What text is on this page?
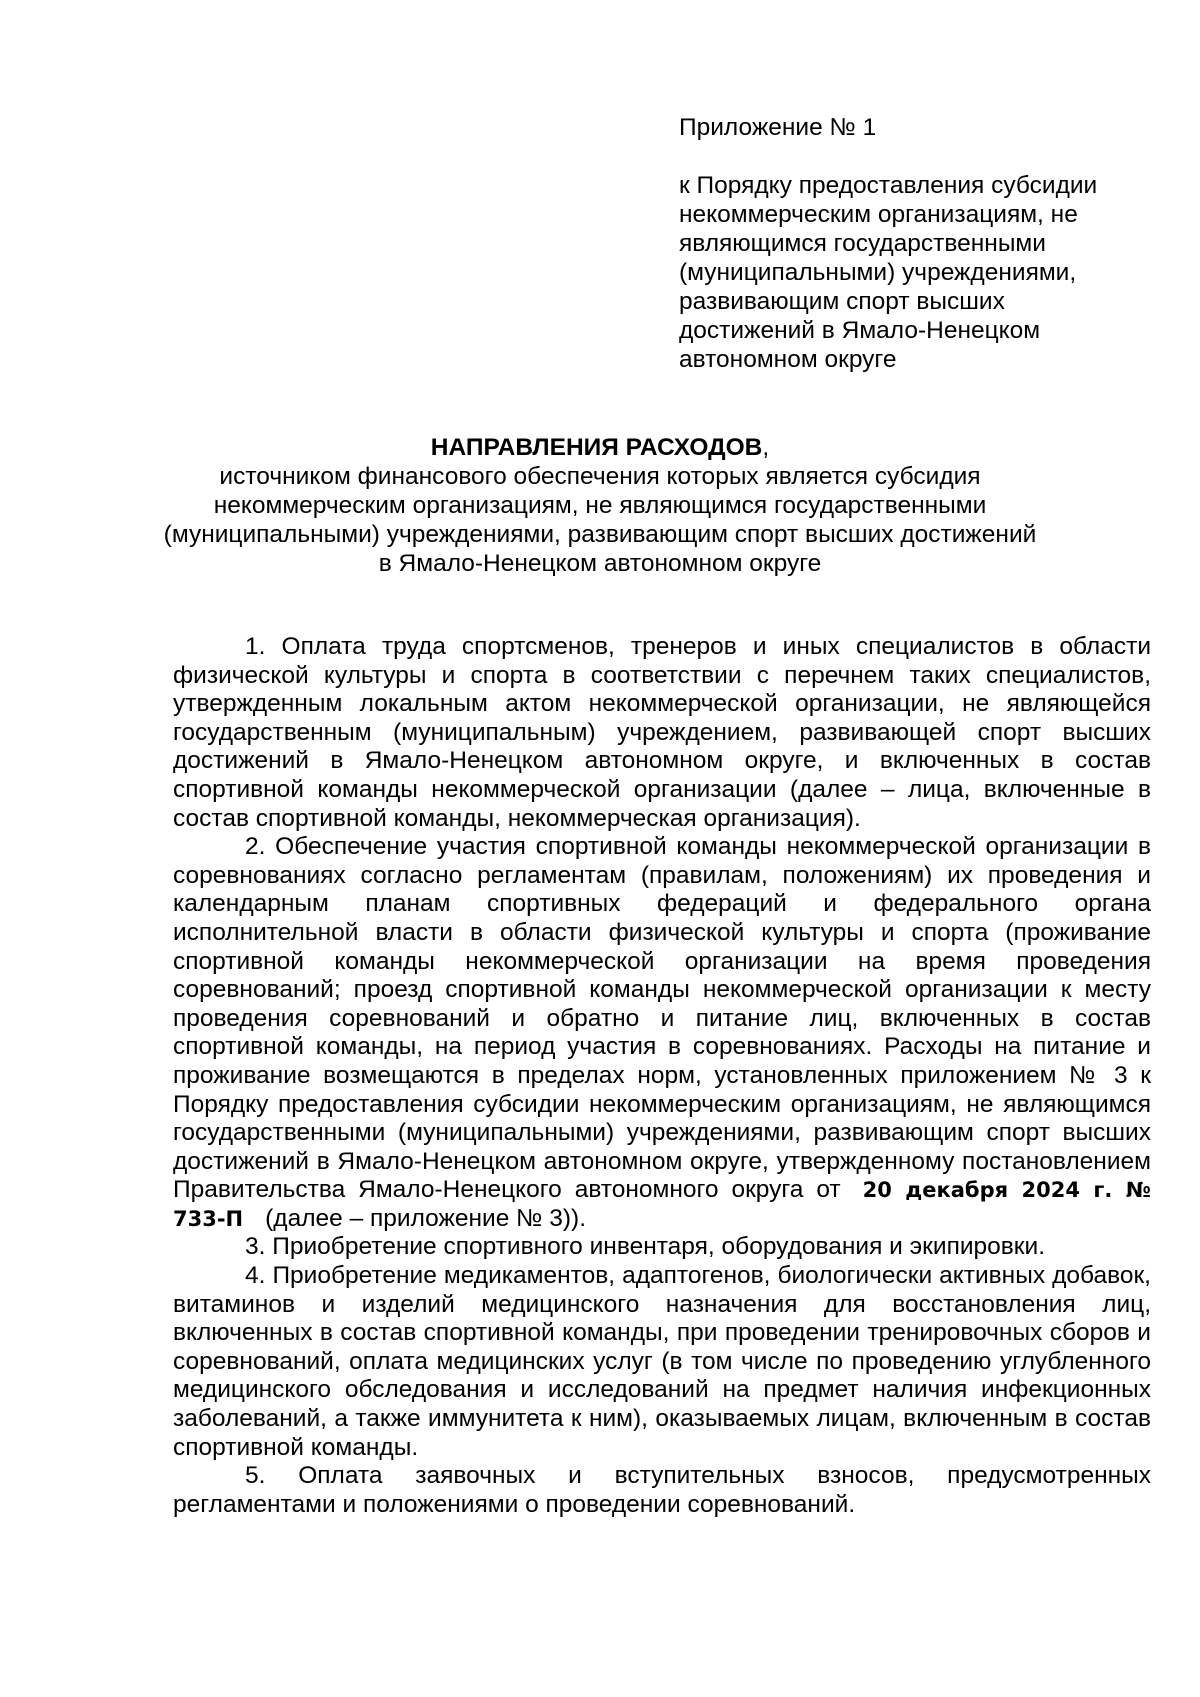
Приложение № 1

к Порядку предоставления субсидии некоммерческим организациям, не являющимся государственными (муниципальными) учреждениями, развивающим спорт высших достижений в Ямало-Ненецком автономном округе

НАПРАВЛЕНИЯ РАСХОДОВ,
источником финансового обеспечения которых является субсидия некоммерческим организациям, не являющимся государственными (муниципальными) учреждениями, развивающим спорт высших достижений в Ямало-Ненецком автономном округе

1. Оплата труда спортсменов, тренеров и иных специалистов в области физической культуры и спорта в соответствии с перечнем таких специалистов, утвержденным локальным актом некоммерческой организации, не являющейся государственным (муниципальным) учреждением, развивающей спорт высших достижений в Ямало-Ненецком автономном округе, и включенных в состав спортивной команды некоммерческой организации (далее – лица, включенные в состав спортивной команды, некоммерческая организация).

2. Обеспечение участия спортивной команды некоммерческой организации в соревнованиях согласно регламентам (правилам, положениям) их проведения и календарным планам спортивных федераций и федерального органа исполнительной власти в области физической культуры и спорта (проживание спортивной команды некоммерческой организации на время проведения соревнований; проезд спортивной команды некоммерческой организации к месту проведения соревнований и обратно и питание лиц, включенных в состав спортивной команды, на период участия в соревнованиях. Расходы на питание и проживание возмещаются в пределах норм, установленных приложением № 3 к Порядку предоставления субсидии некоммерческим организациям, не являющимся государственными (муниципальными) учреждениями, развивающим спорт высших достижений в Ямало-Ненецком автономном округе, утвержденному постановлением Правительства Ямало-Ненецкого автономного округа от 20 декабря 2024 г. № 733-П (далее – приложение № 3)).

3. Приобретение спортивного инвентаря, оборудования и экипировки.

4. Приобретение медикаментов, адаптогенов, биологически активных добавок, витаминов и изделий медицинского назначения для восстановления лиц, включенных в состав спортивной команды, при проведении тренировочных сборов и соревнований, оплата медицинских услуг (в том числе по проведению углубленного медицинского обследования и исследований на предмет наличия инфекционных заболеваний, а также иммунитета к ним), оказываемых лицам, включенным в состав спортивной команды.

5. Оплата заявочных и вступительных взносов, предусмотренных регламентами и положениями о проведении соревнований.
